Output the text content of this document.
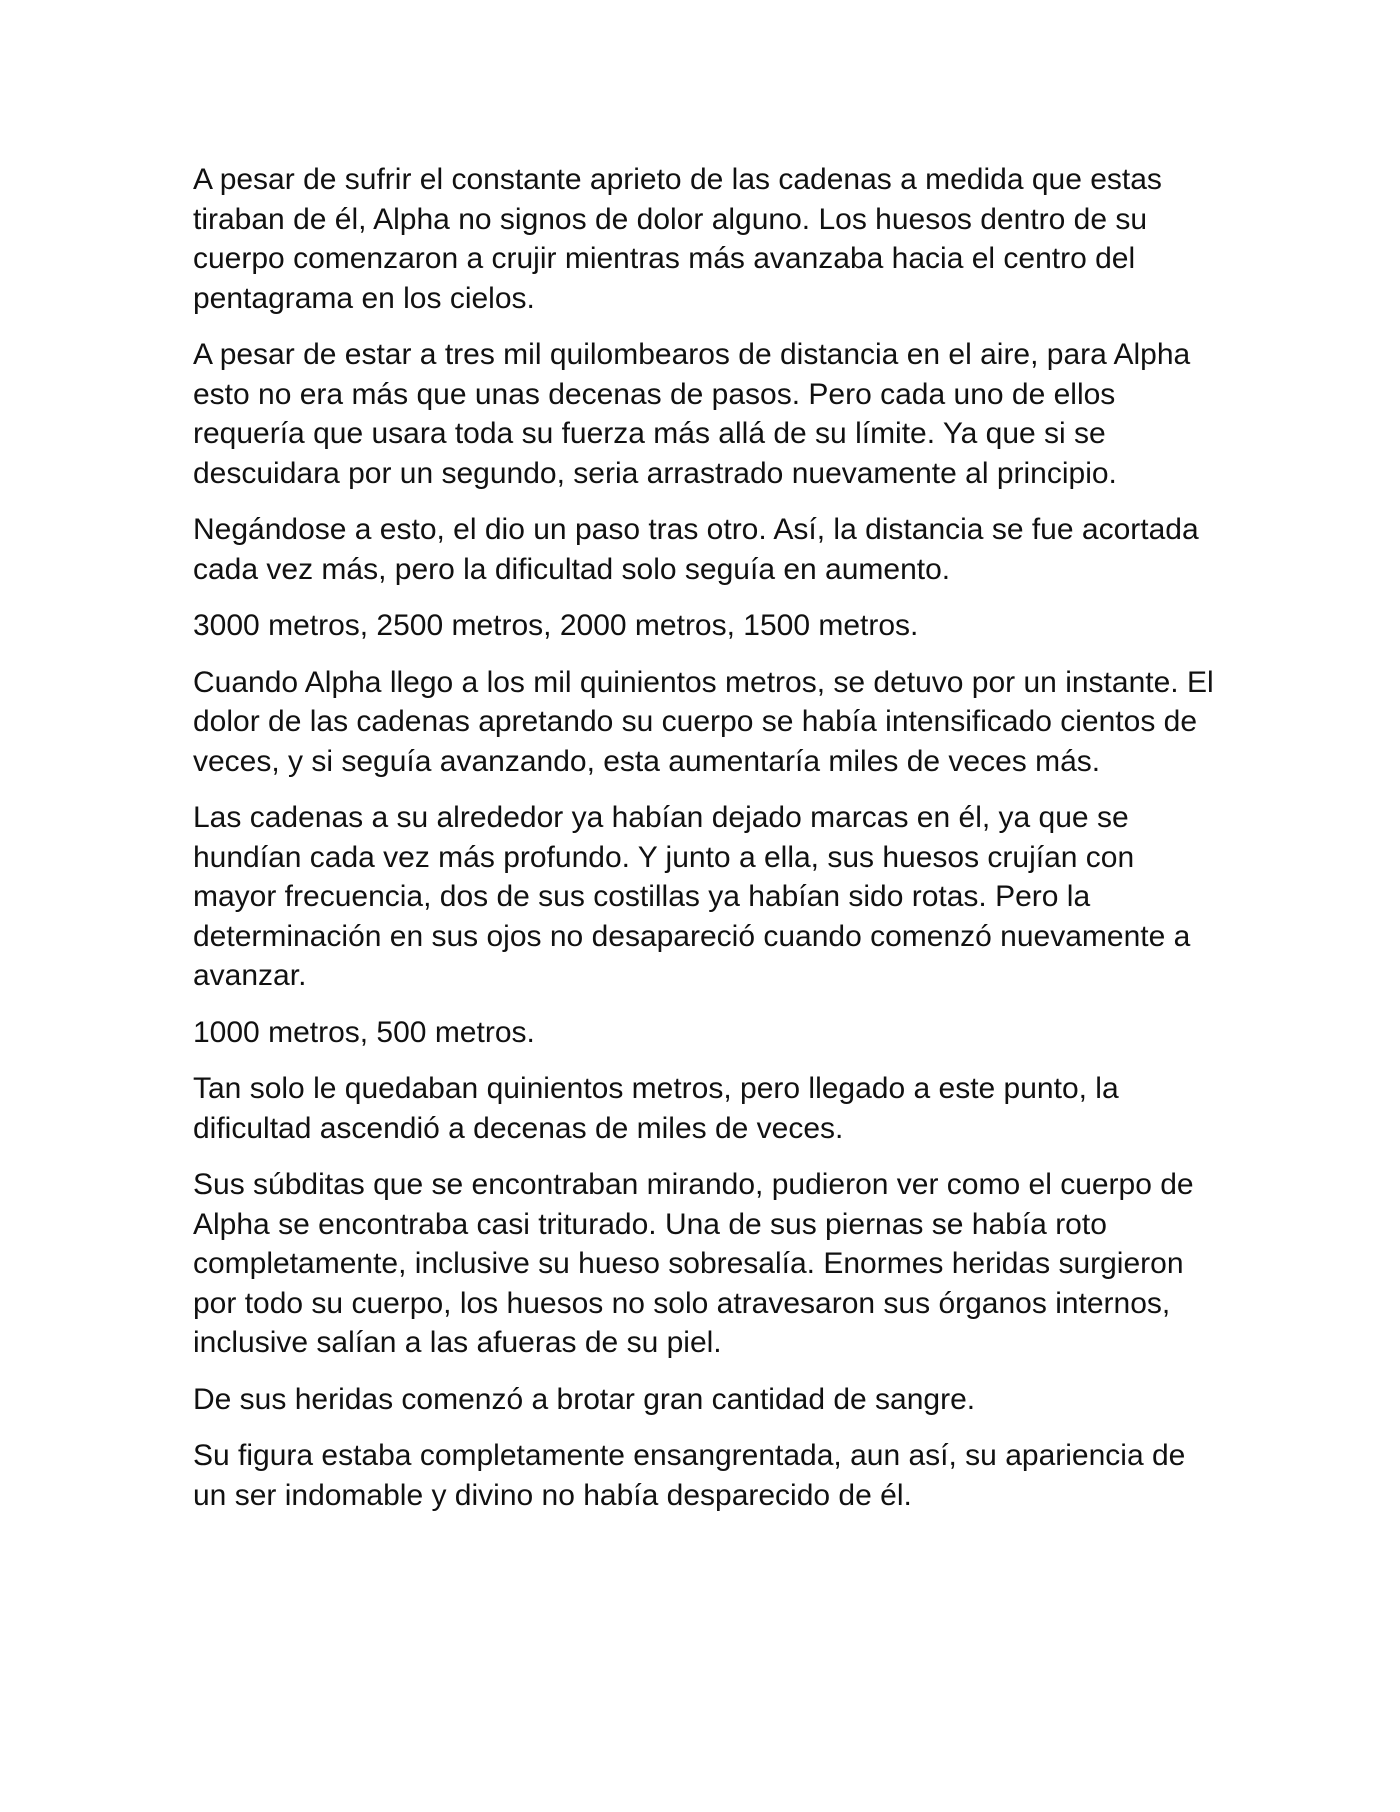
A pesar de sufrir el constante aprieto de las cadenas a medida que estas tiraban de él, Alpha no signos de dolor alguno. Los huesos dentro de su cuerpo comenzaron a crujir mientras más avanzaba hacia el centro del pentagrama en los cielos.

A pesar de estar a tres mil quilombearos de distancia en el aire, para Alpha esto no era más que unas decenas de pasos. Pero cada uno de ellos requería que usara toda su fuerza más allá de su límite. Ya que si se descuidara por un segundo, seria arrastrado nuevamente al principio.

Negándose a esto, el dio un paso tras otro. Así, la distancia se fue acortada cada vez más, pero la dificultad solo seguía en aumento.

3000 metros, 2500 metros, 2000 metros, 1500 metros.

Cuando Alpha llego a los mil quinientos metros, se detuvo por un instante. El dolor de las cadenas apretando su cuerpo se había intensificado cientos de veces, y si seguía avanzando, esta aumentaría miles de veces más.

Las cadenas a su alrededor ya habían dejado marcas en él, ya que se hundían cada vez más profundo. Y junto a ella, sus huesos crujían con mayor frecuencia, dos de sus costillas ya habían sido rotas. Pero la determinación en sus ojos no desapareció cuando comenzó nuevamente a avanzar.

1000 metros, 500 metros.

Tan solo le quedaban quinientos metros, pero llegado a este punto, la dificultad ascendió a decenas de miles de veces.

Sus súbditas que se encontraban mirando, pudieron ver como el cuerpo de Alpha se encontraba casi triturado. Una de sus piernas se había roto completamente, inclusive su hueso sobresalía. Enormes heridas surgieron por todo su cuerpo, los huesos no solo atravesaron sus órganos internos, inclusive salían a las afueras de su piel.

De sus heridas comenzó a brotar gran cantidad de sangre.

Su figura estaba completamente ensangrentada, aun así, su apariencia de un ser indomable y divino no había desparecido de él.
